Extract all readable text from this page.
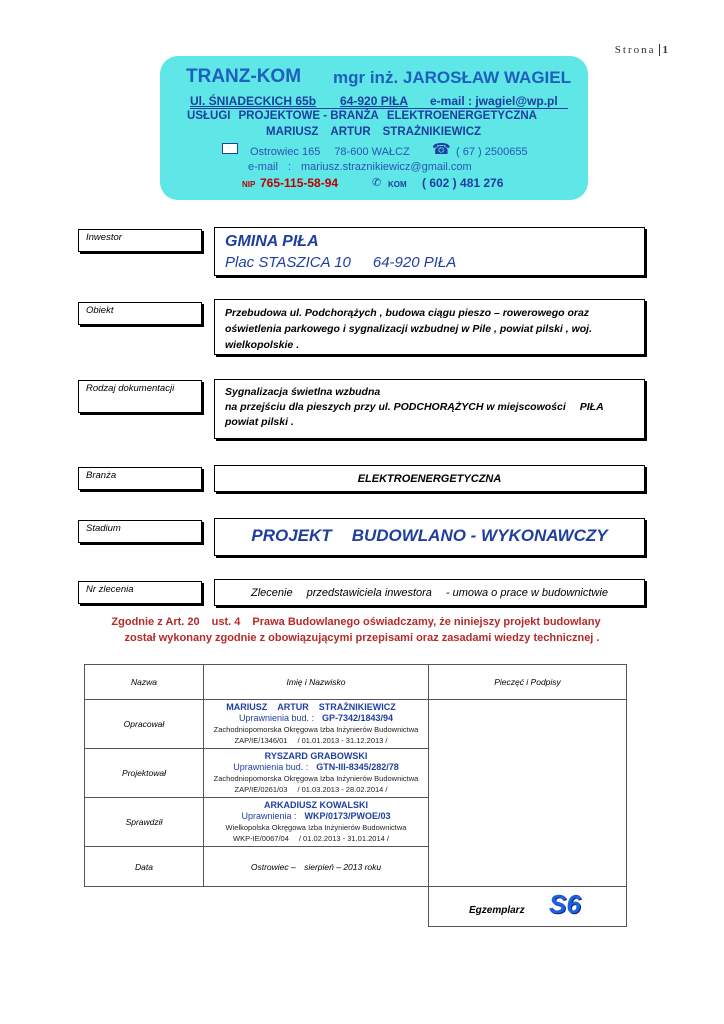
Strona 1
TRANZ-KOM mgr inż. JAROSŁAW WAGIEL
Ul. ŚNIADECKICH 65b 64-920 PIŁA	e-mail : jwagiel@wp.pl
USŁUGI PROJEKTOWE - BRANŻA ELEKTROENERGETYCZNA
MARIUSZ ARTUR STRAŻNIKIEWICZ
Ostrowiec 165 78-600 WAŁCZ	☎ ( 67 ) 2500655
e-mail : mariusz.straznikiewicz@gmail.com
NIP 765-115-58-94	✆ KOM ( 602 ) 481 276
Inwestor	GMINA PIŁA
Plac STASZICA 10 64-920 PIŁA
Obiekt	Przebudowa ul. Podchorążych , budowa ciągu pieszo – rowerowego oraz oświetlenia parkowego i sygnalizacji wzbudnej w Pile , powiat pilski , woj. wielkopolskie .
Rodzaj dokumentacji	Sygnalizacja świetlna wzbudna
na przejściu dla pieszych przy ul. PODCHORĄŻYCH w miejscowości PIŁA
powiat pilski .
Branża	ELEKTROENERGETYCZNA
Stadium	PROJEKT BUDOWLANO - WYKONAWCZY
Nr zlecenia	Zlecenie przedstawiciela inwestora - umowa o prace w budownictwie
Zgodnie z Art. 20 ust. 4 Prawa Budowlanego oświadczamy, że niniejszy projekt budowlany
został wykonany zgodnie z obowiązującymi przepisami oraz zasadami wiedzy technicznej .
Nazwa	Imię i Nazwisko	Pieczęć i Podpisy
Opracował	MARIUSZ ARTUR STRAŻNIKIEWICZ
Uprawnienia bud. : GP-7342/1843/94
Zachodniopomorska Okręgowa Izba Inżynierów Budownictwa
ZAP/IE/1346/01 / 01.01.2013 - 31.12.2013 /	

Projektował	RYSZARD GRABOWSKI
Uprawnienia bud. : GTN-III-8345/282/78
Zachodniopomorska Okręgowa Izba Inżynierów Budownictwa
ZAP/IE/0261/03 / 01.03.2013 - 28.02.2014 /	

Sprawdził	ARKADIUSZ KOWALSKI
Uprawnienia : WKP/0173/PWOE/03
Wielkopolska Okręgowa Izba Inżynierów Budownictwa
WKP-IE/0067/04 / 01.02.2013 - 31.01.2014 /	

Data	Ostrowiec – sierpień – 2013 roku	

		Egzemplarz S6
